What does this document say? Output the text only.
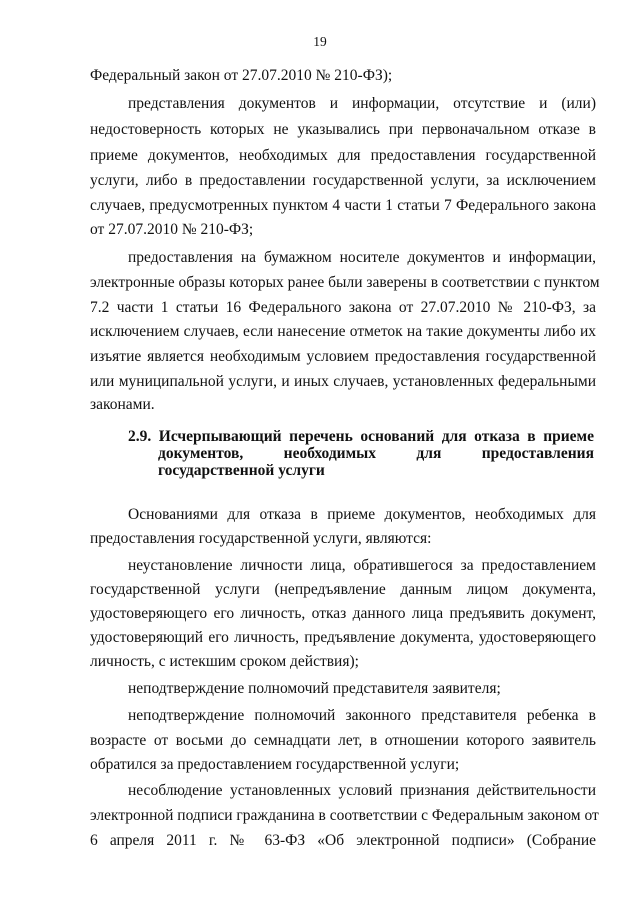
19
Федеральный закон от 27.07.2010 № 210-ФЗ);
представления документов и информации, отсутствие и (или)
недостоверность которых не указывались при первоначальном отказе в
приеме документов, необходимых для предоставления государственной
услуги, либо в предоставлении государственной услуги, за исключением
случаев, предусмотренных пунктом 4 части 1 статьи 7 Федерального закона
от 27.07.2010 № 210-ФЗ;
предоставления на бумажном носителе документов и информации,
электронные образы которых ранее были заверены в соответствии с пунктом
7.2 части 1 статьи 16 Федерального закона от 27.07.2010 № 210-ФЗ, за
исключением случаев, если нанесение отметок на такие документы либо их
изъятие является необходимым условием предоставления государственной
или муниципальной услуги, и иных случаев, установленных федеральными
законами.
2.9. Исчерпывающий перечень оснований для отказа в приеме
документов, необходимых для предоставления
государственной услуги
Основаниями для отказа в приеме документов, необходимых для
предоставления государственной услуги, являются:
неустановление личности лица, обратившегося за предоставлением
государственной услуги (непредъявление данным лицом документа,
удостоверяющего его личность, отказ данного лица предъявить документ,
удостоверяющий его личность, предъявление документа, удостоверяющего
личность, с истекшим сроком действия);
неподтверждение полномочий представителя заявителя;
неподтверждение полномочий законного представителя ребенка в
возрасте от восьми до семнадцати лет, в отношении которого заявитель
обратился за предоставлением государственной услуги;
несоблюдение установленных условий признания действительности
электронной подписи гражданина в соответствии с Федеральным законом от
6 апреля 2011 г. № 63-ФЗ «Об электронной подписи» (Собрание
